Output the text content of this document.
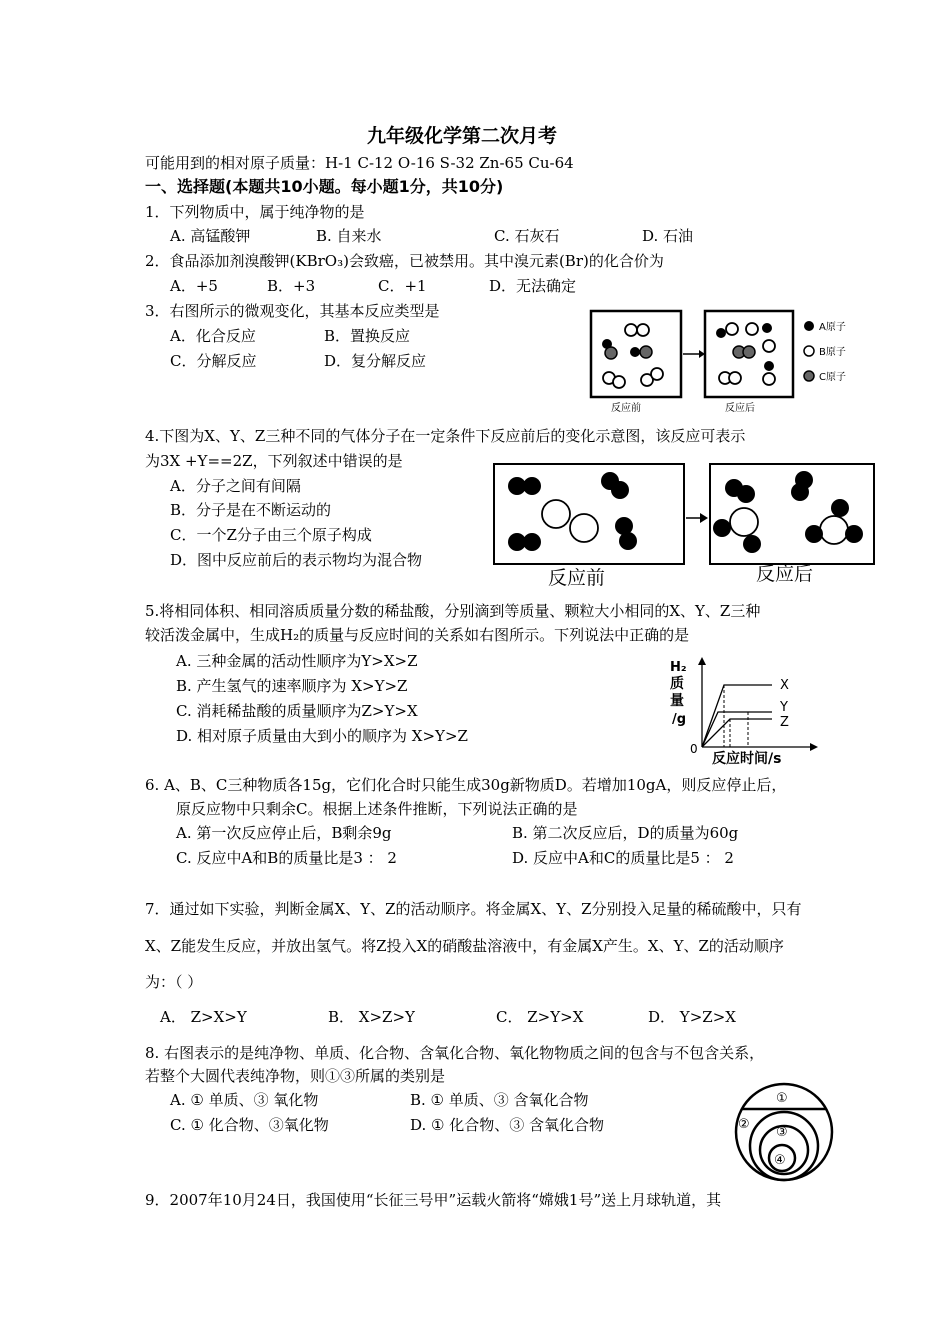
九年级化学第二次月考
可能用到的相对原子质量：H-1 C-12 O-16 S-32 Zn-65 Cu-64
一、选择题(本题共10小题。每小题1分，共10分)
1．下列物质中，属于纯净物的是
A. 高锰酸钾	B. 自来水	C. 石灰石	D. 石油
2．食品添加剂溴酸钾(KBrO₃)会致癌，已被禁用。其中溴元素(Br)的化合价为
A．+5	B．+3	C．+1	D．无法确定
3．右图所示的微观变化，其基本反应类型是
A．化合反应	B．置换反应
C．分解反应	D．复分解反应
反应前	反应后
A原子
B原子
C原子
4.下图为X、Y、Z三种不同的气体分子在一定条件下反应前后的变化示意图，该反应可表示
为3X +Y==2Z，下列叙述中错误的是
A．分子之间有间隔
B．分子是在不断运动的
C．一个Z分子由三个原子构成
D．图中反应前后的表示物均为混合物
反应前	反应后
5.将相同体积、相同溶质质量分数的稀盐酸，分别滴到等质量、颗粒大小相同的X、Y、Z三种
较活泼金属中，生成H₂的质量与反应时间的关系如右图所示。下列说法中正确的是
A. 三种金属的活动性顺序为Y>X>Z
B. 产生氢气的速率顺序为 X>Y>Z
C. 消耗稀盐酸的质量顺序为Z>Y>X
D. 相对原子质量由大到小的顺序为 X>Y>Z
H₂
质
量
/g
X
Y
Z
0
反应时间/s
6. A、B、C三种物质各15g，它们化合时只能生成30g新物质D。若增加10gA，则反应停止后，
原反应物中只剩余C。根据上述条件推断，下列说法正确的是
A. 第一次反应停止后，B剩余9g	B. 第二次反应后，D的质量为60g
C. 反应中A和B的质量比是3 ： 2	D. 反应中A和C的质量比是5 ： 2
7．通过如下实验，判断金属X、Y、Z的活动顺序。将金属X、Y、Z分别投入足量的稀硫酸中，只有
X、Z能发生反应，并放出氢气。将Z投入X的硝酸盐溶液中，有金属X产生。X、Y、Z的活动顺序
为：（ ）
A． Z>X>Y	B． X>Z>Y	C． Z>Y>X	D． Y>Z>X
8. 右图表示的是纯净物、单质、化合物、含氧化合物、氧化物物质之间的包含与不包含关系，
若整个大圆代表纯净物，则①③所属的类别是
A. ① 单质、③ 氧化物	B. ① 单质、③ 含氧化合物
C. ① 化合物、③氧化物	D. ① 化合物、③ 含氧化合物
①
②
③
④
9．2007年10月24日，我国使用“长征三号甲”运载火箭将“嫦娥1号”送上月球轨道，其
